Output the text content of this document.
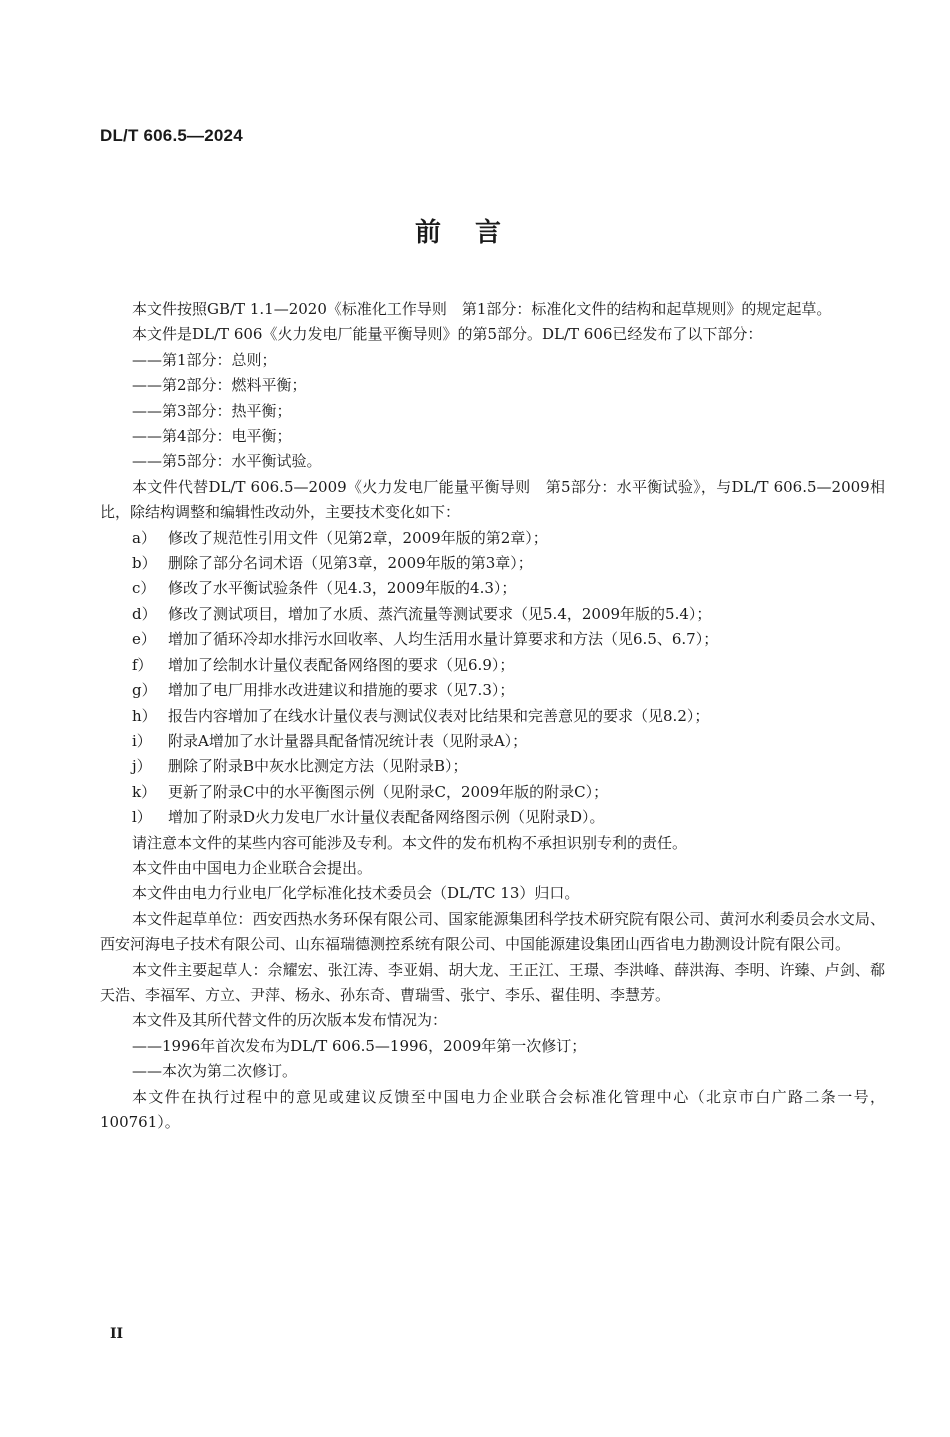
DL/T 606.5—2024
前言

本文件按照GB/T 1.1—2020《标准化工作导则　第1部分：标准化文件的结构和起草规则》的规定起草。

本文件是DL/T 606《火力发电厂能量平衡导则》的第5部分。DL/T 606已经发布了以下部分：

——第1部分：总则；

——第2部分：燃料平衡；

——第3部分：热平衡；

——第4部分：电平衡；

——第5部分：水平衡试验。

本文件代替DL/T 606.5—2009《火力发电厂能量平衡导则　第5部分：水平衡试验》，与DL/T 606.5—2009相比，除结构调整和编辑性改动外，主要技术变化如下：

a） 修改了规范性引用文件（见第2章，2009年版的第2章）；

b） 删除了部分名词术语（见第3章，2009年版的第3章）；

c） 修改了水平衡试验条件（见4.3，2009年版的4.3）；

d） 修改了测试项目，增加了水质、蒸汽流量等测试要求（见5.4，2009年版的5.4）；

e） 增加了循环冷却水排污水回收率、人均生活用水量计算要求和方法（见6.5、6.7）；

f） 增加了绘制水计量仪表配备网络图的要求（见6.9）；

g） 增加了电厂用排水改进建议和措施的要求（见7.3）；

h） 报告内容增加了在线水计量仪表与测试仪表对比结果和完善意见的要求（见8.2）；

i） 附录A增加了水计量器具配备情况统计表（见附录A）；

j） 删除了附录B中灰水比测定方法（见附录B）；

k） 更新了附录C中的水平衡图示例（见附录C，2009年版的附录C）；

l） 增加了附录D火力发电厂水计量仪表配备网络图示例（见附录D）。

请注意本文件的某些内容可能涉及专利。本文件的发布机构不承担识别专利的责任。

本文件由中国电力企业联合会提出。

本文件由电力行业电厂化学标准化技术委员会（DL/TC 13）归口。

本文件起草单位：西安西热水务环保有限公司、国家能源集团科学技术研究院有限公司、黄河水利委员会水文局、西安河海电子技术有限公司、山东福瑞德测控系统有限公司、中国能源建设集团山西省电力勘测设计院有限公司。

本文件主要起草人：佘耀宏、张江涛、李亚娟、胡大龙、王正江、王璟、李洪峰、薛洪海、李明、许臻、卢剑、郗天浩、李福军、方立、尹萍、杨永、孙东奇、曹瑞雪、张宁、李乐、翟佳明、李慧芳。

本文件及其所代替文件的历次版本发布情况为：

——1996年首次发布为DL/T 606.5—1996，2009年第一次修订；

——本次为第二次修订。

本文件在执行过程中的意见或建议反馈至中国电力企业联合会标准化管理中心（北京市白广路二条一号，100761）。

II
